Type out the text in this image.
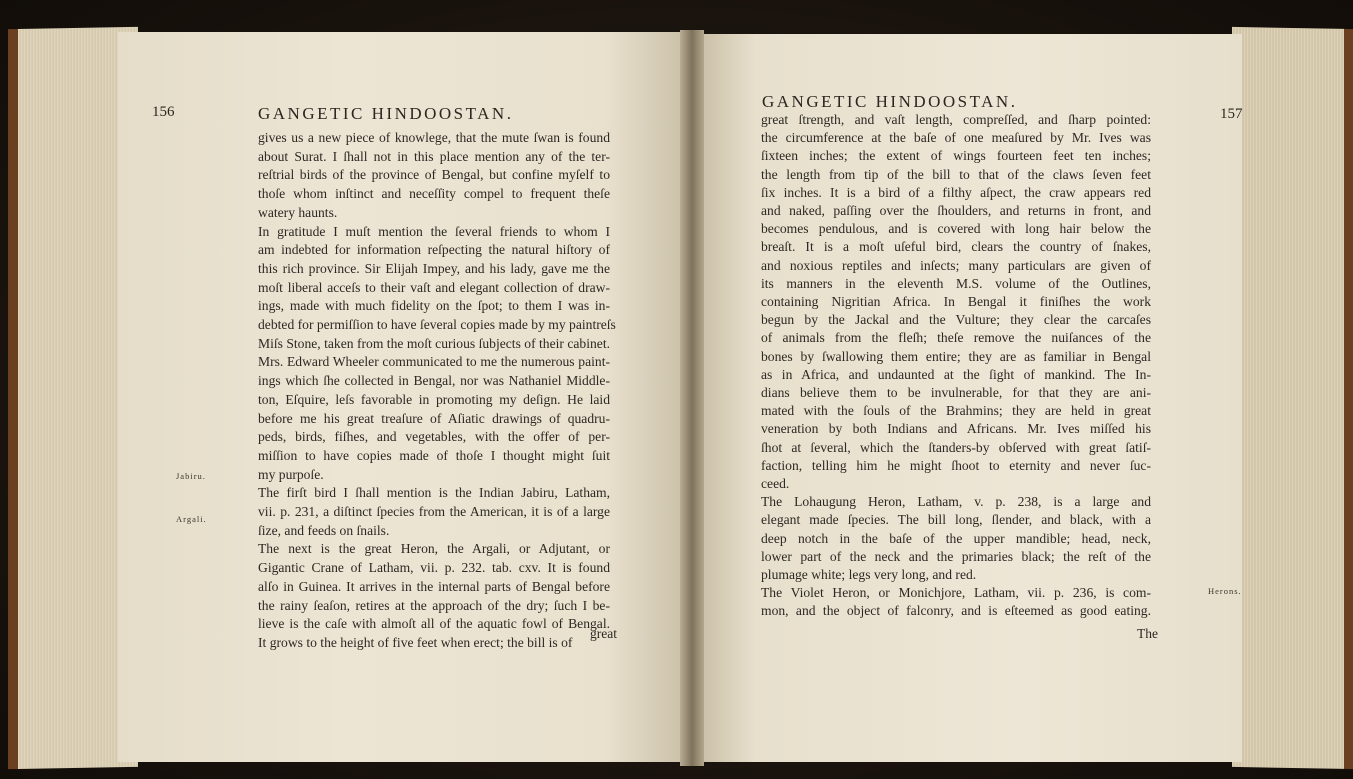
156	GANGETIC HINDOOSTAN.
gives us a new piece of knowlege, that the mute ſwan is found
about Surat. I ſhall not in this place mention any of the ter-
reſtrial birds of the province of Bengal, but confine myſelf to
thoſe whom inſtinct and neceſſity compel to frequent theſe
watery haunts.
In gratitude I muſt mention the ſeveral friends to whom I
am indebted for information reſpecting the natural hiſtory of
this rich province. Sir Elijah Impey, and his lady, gave me the
moſt liberal acceſs to their vaſt and elegant collection of draw-
ings, made with much fidelity on the ſpot; to them I was in-
debted for permiſſion to have ſeveral copies made by my paintreſs
Miſs Stone, taken from the moſt curious ſubjects of their cabinet.
Mrs. Edward Wheeler communicated to me the numerous paint-
ings which ſhe collected in Bengal, nor was Nathaniel Middle-
ton, Eſquire, leſs favorable in promoting my deſign. He laid
before me his great treaſure of Aſiatic drawings of quadru-
peds, birds, fiſhes, and vegetables, with the offer of per-
miſſion to have copies made of thoſe I thought might ſuit
my purpoſe.
The firſt bird I ſhall mention is the Indian Jabiru, Latham,
vii. p. 231, a diſtinct ſpecies from the American, it is of a large
ſize, and feeds on ſnails.
The next is the great Heron, the Argali, or Adjutant, or
Gigantic Crane of Latham, vii. p. 232. tab. cxv. It is found
alſo in Guinea. It arrives in the internal parts of Bengal before
the rainy ſeaſon, retires at the approach of the dry; ſuch I be-
lieve is the caſe with almoſt all of the aquatic fowl of Bengal.
It grows to the height of five feet when erect; the bill is of
Jabiru.
Argali.
great
GANGETIC HINDOOSTAN.
157
great ſtrength, and vaſt length, compreſſed, and ſharp pointed:
the circumference at the baſe of one meaſured by Mr. Ives was
ſixteen inches; the extent of wings fourteen feet ten inches;
the length from tip of the bill to that of the claws ſeven feet
ſix inches. It is a bird of a filthy aſpect, the craw appears red
and naked, paſſing over the ſhoulders, and returns in front, and
becomes pendulous, and is covered with long hair below the
breaſt. It is a moſt uſeful bird, clears the country of ſnakes,
and noxious reptiles and inſects; many particulars are given of
its manners in the eleventh M.S. volume of the Outlines,
containing Nigritian Africa. In Bengal it finiſhes the work
begun by the Jackal and the Vulture; they clear the carcaſes
of animals from the fleſh; theſe remove the nuiſances of the
bones by ſwallowing them entire; they are as familiar in Bengal
as in Africa, and undaunted at the ſight of mankind. The In-
dians believe them to be invulnerable, for that they are ani-
mated with the ſouls of the Brahmins; they are held in great
veneration by both Indians and Africans. Mr. Ives miſſed his
ſhot at ſeveral, which the ſtanders-by obſerved with great ſatiſ-
faction, telling him he might ſhoot to eternity and never ſuc-
ceed.
The Lohaugung Heron, Latham, v. p. 238, is a large and
elegant made ſpecies. The bill long, ſlender, and black, with a
deep notch in the baſe of the upper mandible; head, neck,
lower part of the neck and the primaries black; the reſt of the
plumage white; legs very long, and red.
The Violet Heron, or Monichjore, Latham, vii. p. 236, is com-
mon, and the object of falconry, and is eſteemed as good eating.
Herons.
The
